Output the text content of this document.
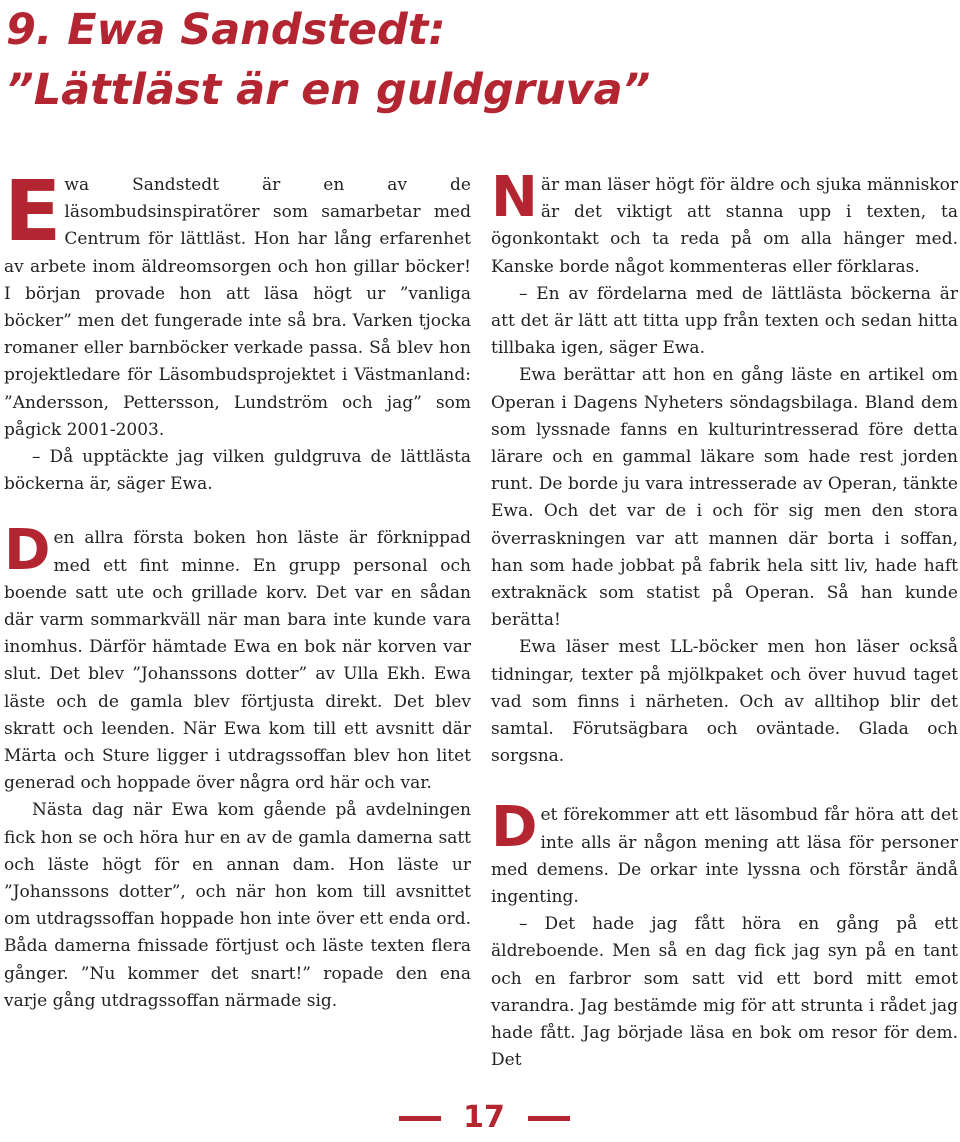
9. Ewa Sandstedt:
”Lättläst är en guldgruva”

Ewa Sandstedt är en av de läsombudsinspiratörer som samarbetar med Centrum för lättläst. Hon har lång erfarenhet av arbete inom äldreomsorgen och hon gillar böcker! I början provade hon att läsa högt ur ”vanliga böcker” men det fungerade inte så bra. Varken tjocka romaner eller barnböcker verkade passa. Så blev hon projektledare för Läsombudsprojektet i Västmanland: ”Andersson, Pettersson, Lundström och jag” som pågick 2001-2003.

– Då upptäckte jag vilken guldgruva de lättlästa böckerna är, säger Ewa.

Den allra första boken hon läste är förknippad med ett fint minne. En grupp personal och boende satt ute och grillade korv. Det var en sådan där varm sommarkväll när man bara inte kunde vara inomhus. Därför hämtade Ewa en bok när korven var slut. Det blev ”Johanssons dotter” av Ulla Ekh. Ewa läste och de gamla blev förtjusta direkt. Det blev skratt och leenden. När Ewa kom till ett avsnitt där Märta och Sture ligger i utdragssoffan blev hon litet generad och hoppade över några ord här och var.

Nästa dag när Ewa kom gående på avdelningen fick hon se och höra hur en av de gamla damerna satt och läste högt för en annan dam. Hon läste ur ”Johanssons dotter”, och när hon kom till avsnittet om utdragssoffan hoppade hon inte över ett enda ord. Båda damerna fnissade förtjust och läste texten flera gånger. ”Nu kommer det snart!” ropade den ena varje gång utdragssoffan närmade sig.

När man läser högt för äldre och sjuka människor är det viktigt att stanna upp i texten, ta ögonkontakt och ta reda på om alla hänger med. Kanske borde något kommenteras eller förklaras.

– En av fördelarna med de lättlästa böckerna är att det är lätt att titta upp från texten och sedan hitta tillbaka igen, säger Ewa.

Ewa berättar att hon en gång läste en artikel om Operan i Dagens Nyheters söndagsbilaga. Bland dem som lyssnade fanns en kulturintresserad före detta lärare och en gammal läkare som hade rest jorden runt. De borde ju vara intresserade av Operan, tänkte Ewa. Och det var de i och för sig men den stora överraskningen var att mannen där borta i soffan, han som hade jobbat på fabrik hela sitt liv, hade haft extraknäck som statist på Operan. Så han kunde berätta!

Ewa läser mest LL-böcker men hon läser också tidningar, texter på mjölkpaket och över huvud taget vad som finns i närheten. Och av alltihop blir det samtal. Förutsägbara och oväntade. Glada och sorgsna.

Det förekommer att ett läsombud får höra att det inte alls är någon mening att läsa för personer med demens. De orkar inte lyssna och förstår ändå ingenting.

– Det hade jag fått höra en gång på ett äldreboende. Men så en dag fick jag syn på en tant och en farbror som satt vid ett bord mitt emot varandra. Jag bestämde mig för att strunta i rådet jag hade fått. Jag började läsa en bok om resor för dem. Det

17
